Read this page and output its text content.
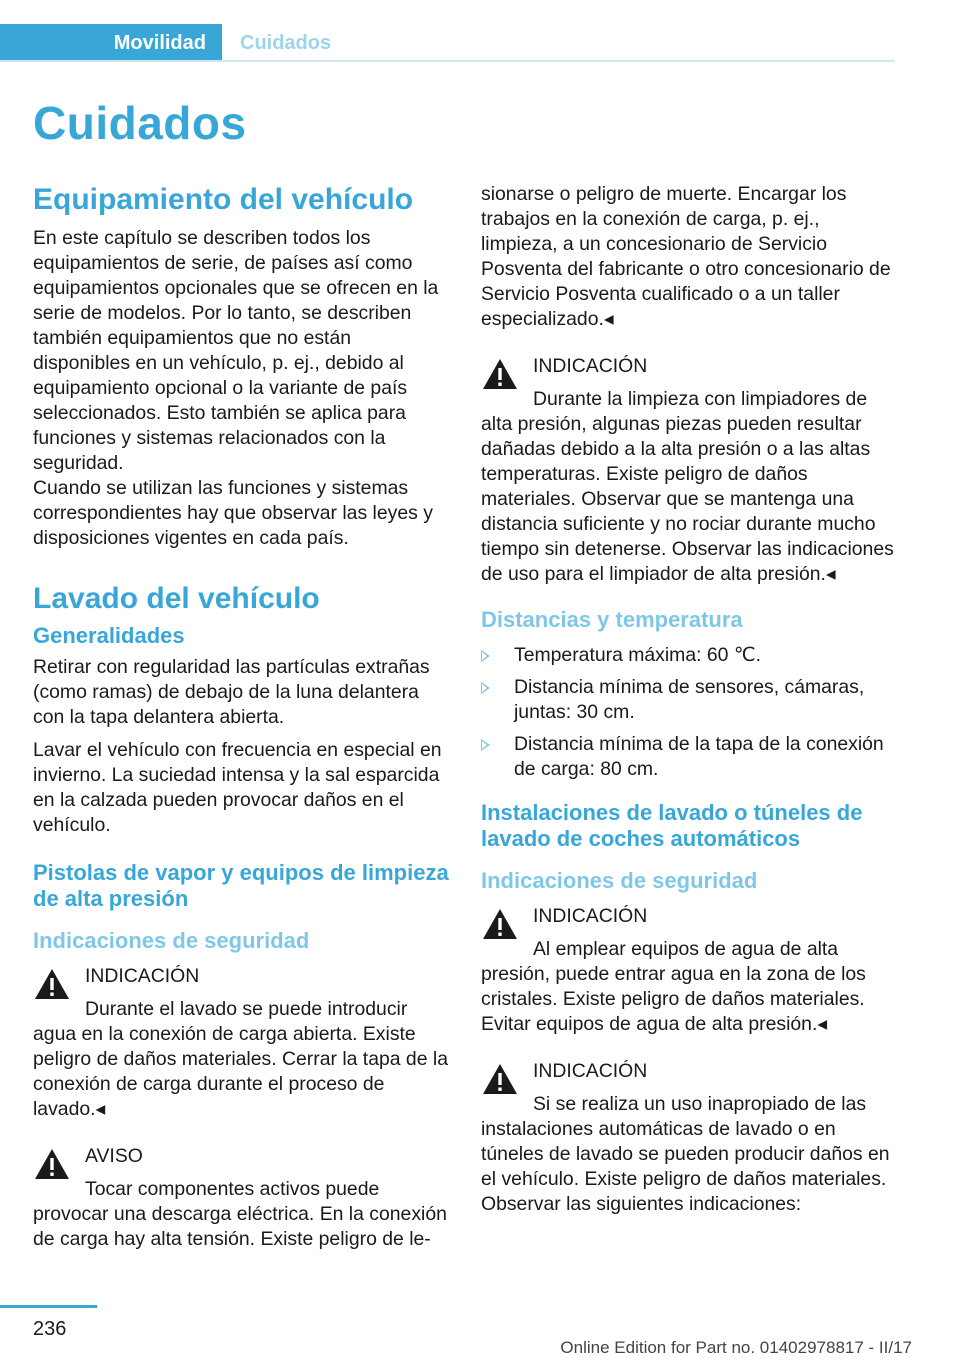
Movilidad	Cuidados
Cuidados
Equipamiento del vehículo

En este capítulo se describen todos los equipamientos de serie, de países así como equipamientos opcionales que se ofrecen en la serie de modelos. Por lo tanto, se describen también equipamientos que no están disponibles en un vehículo, p. ej., debido al equipamiento opcional o la variante de país seleccionados. Esto también se aplica para funciones y sistemas relacionados con la seguridad.

Cuando se utilizan las funciones y sistemas correspondientes hay que observar las leyes y disposiciones vigentes en cada país.

Lavado del vehículo
Generalidades

Retirar con regularidad las partículas extrañas (como ramas) de debajo de la luna delantera con la tapa delantera abierta.

Lavar el vehículo con frecuencia en especial en invierno. La suciedad intensa y la sal esparcida en la calzada pueden provocar daños en el vehículo.

Pistolas de vapor y equipos de limpieza de alta presión
Indicaciones de seguridad
INDICACIÓN
Durante el lavado se puede introducir agua en la conexión de carga abierta. Existe peligro de daños materiales. Cerrar la tapa de la conexión de carga durante el proceso de lavado.◂
AVISO
Tocar componentes activos puede provocar una descarga eléctrica. En la conexión de carga hay alta tensión. Existe peligro de le-

sionarse o peligro de muerte. Encargar los trabajos en la conexión de carga, p. ej., limpieza, a un concesionario de Servicio Posventa del fabricante o otro concesionario de Servicio Posventa cualificado o a un taller especializado.◂

INDICACIÓN
Durante la limpieza con limpiadores de alta presión, algunas piezas pueden resultar dañadas debido a la alta presión o a las altas temperaturas. Existe peligro de daños materiales. Observar que se mantenga una distancia suficiente y no rociar durante mucho tiempo sin detenerse. Observar las indicaciones de uso para el limpiador de alta presión.◂
Distancias y temperatura
Temperatura máxima: 60 ℃.
Distancia mínima de sensores, cámaras, juntas: 30 cm.
Distancia mínima de la tapa de la conexión de carga: 80 cm.
Instalaciones de lavado o túneles de lavado de coches automáticos
Indicaciones de seguridad
INDICACIÓN
Al emplear equipos de agua de alta presión, puede entrar agua en la zona de los cristales. Existe peligro de daños materiales. Evitar equipos de agua de alta presión.◂
INDICACIÓN
Si se realiza un uso inapropiado de las instalaciones automáticas de lavado o en túneles de lavado se pueden producir daños en el vehículo. Existe peligro de daños materiales. Observar las siguientes indicaciones:
236
Online Edition for Part no. 01402978817 - II/17
